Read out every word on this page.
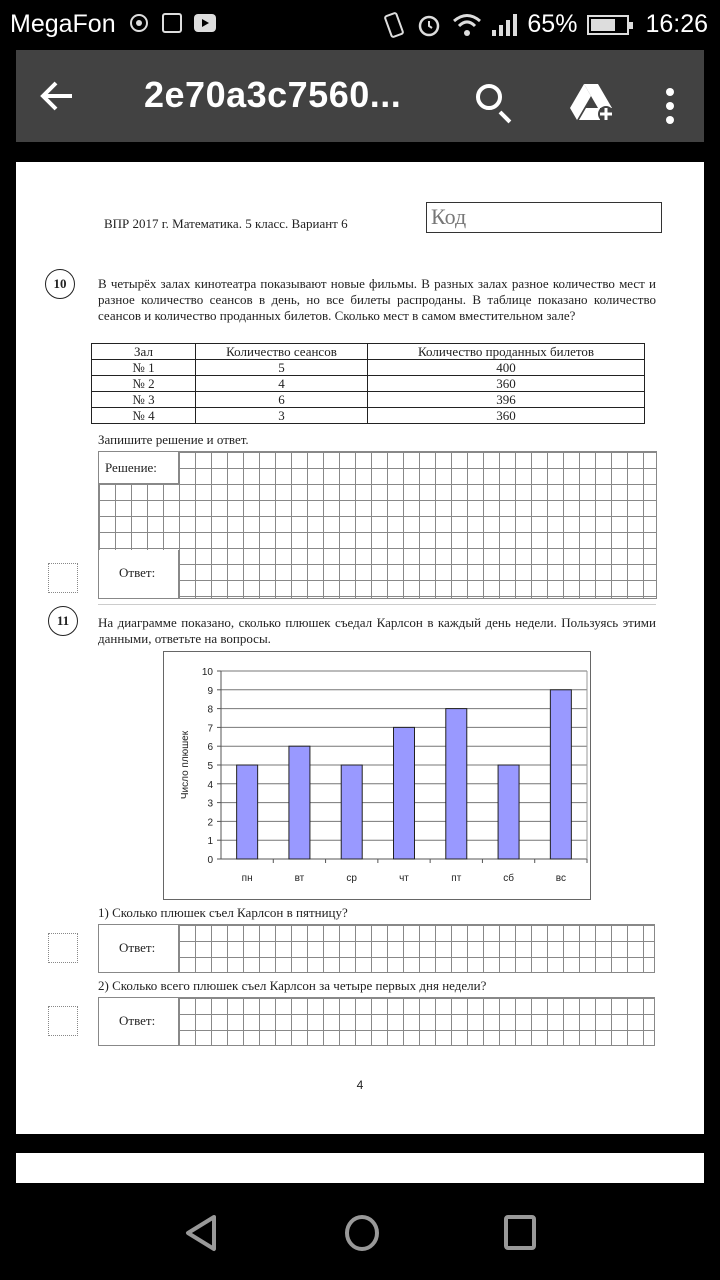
MegaFon	65%	16:26
2e70a3c7560...
ВПР 2017 г. Математика. 5 класс. Вариант 6	Код
10	В четырёх залах кинотеатра показывают новые фильмы. В разных залах разное количество мест и разное количество сеансов в день, но все билеты распроданы. В таблице показано количество сеансов и количество проданных билетов. Сколько мест в самом вместительном зале?
Зал	Количество сеансов	Количество проданных билетов
№ 1	5	400
№ 2	4	360
№ 3	6	396
№ 4	3	360
Запишите решение и ответ.
Решение:
Ответ:
11	На диаграмме показано, сколько плюшек съедал Карлсон в каждый день недели. Пользуясь этими данными, ответьте на вопросы.
0
1
2
3
4
5
6
7
8
9
10
пн	вт	ср	чт	пт	сб	вс
Число плюшек
1) Сколько плюшек съел Карлсон в пятницу?
Ответ:
2) Сколько всего плюшек съел Карлсон за четыре первых дня недели?
Ответ:
4
